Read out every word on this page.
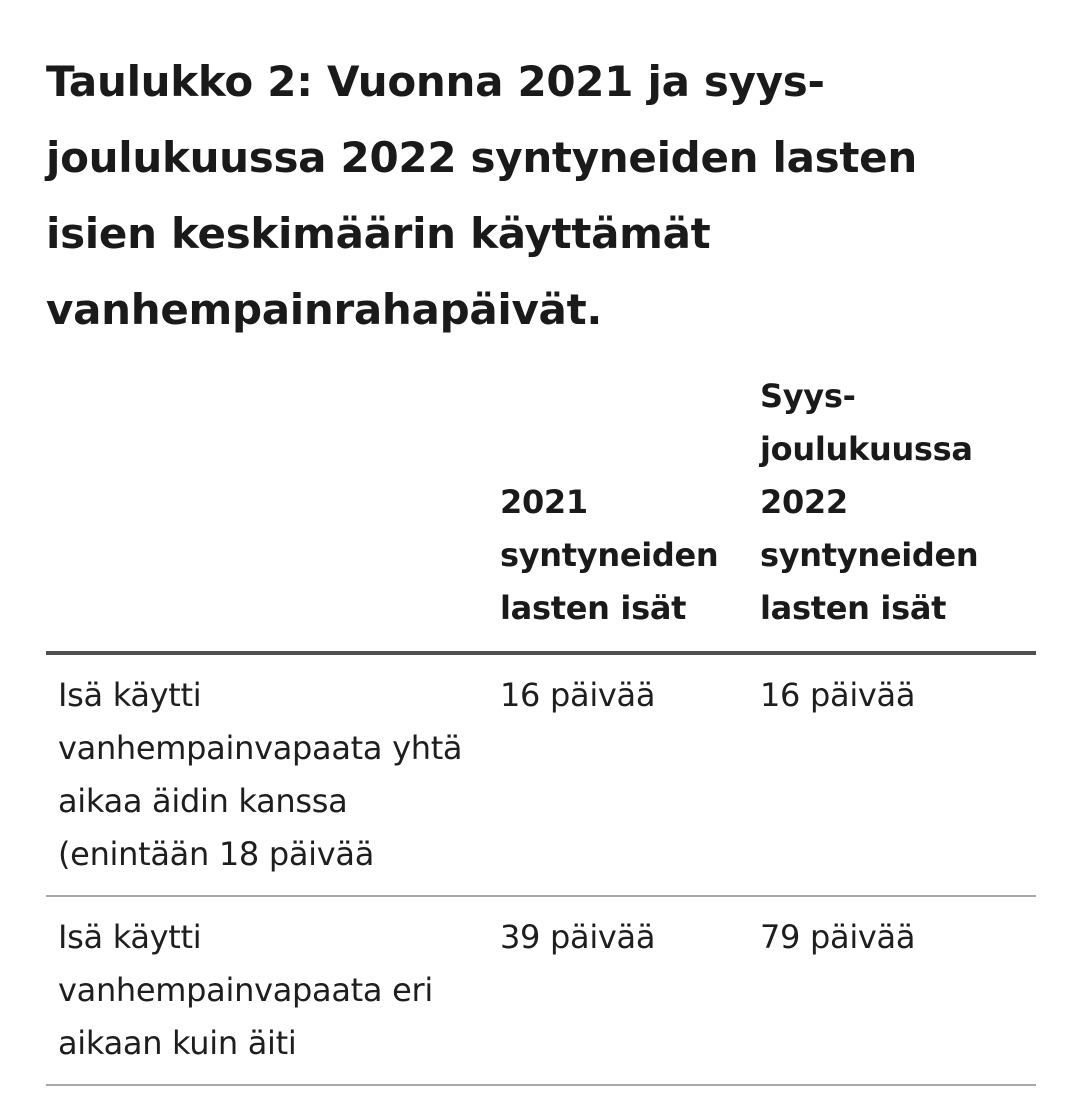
Taulukko 2: Vuonna 2021 ja syys-joulukuussa 2022 syntyneiden lasten isien keskimäärin käyttämät vanhempainrahapäivät.
	2021 syntyneiden lasten isät	Syys-joulukuussa 2022 syntyneiden lasten isät
Isä käytti vanhempainvapaata yhtä aikaa äidin kanssa (enintään 18 päivää	16 päivää	16 päivää
Isä käytti vanhempainvapaata eri aikaan kuin äiti	39 päivää	79 päivää
